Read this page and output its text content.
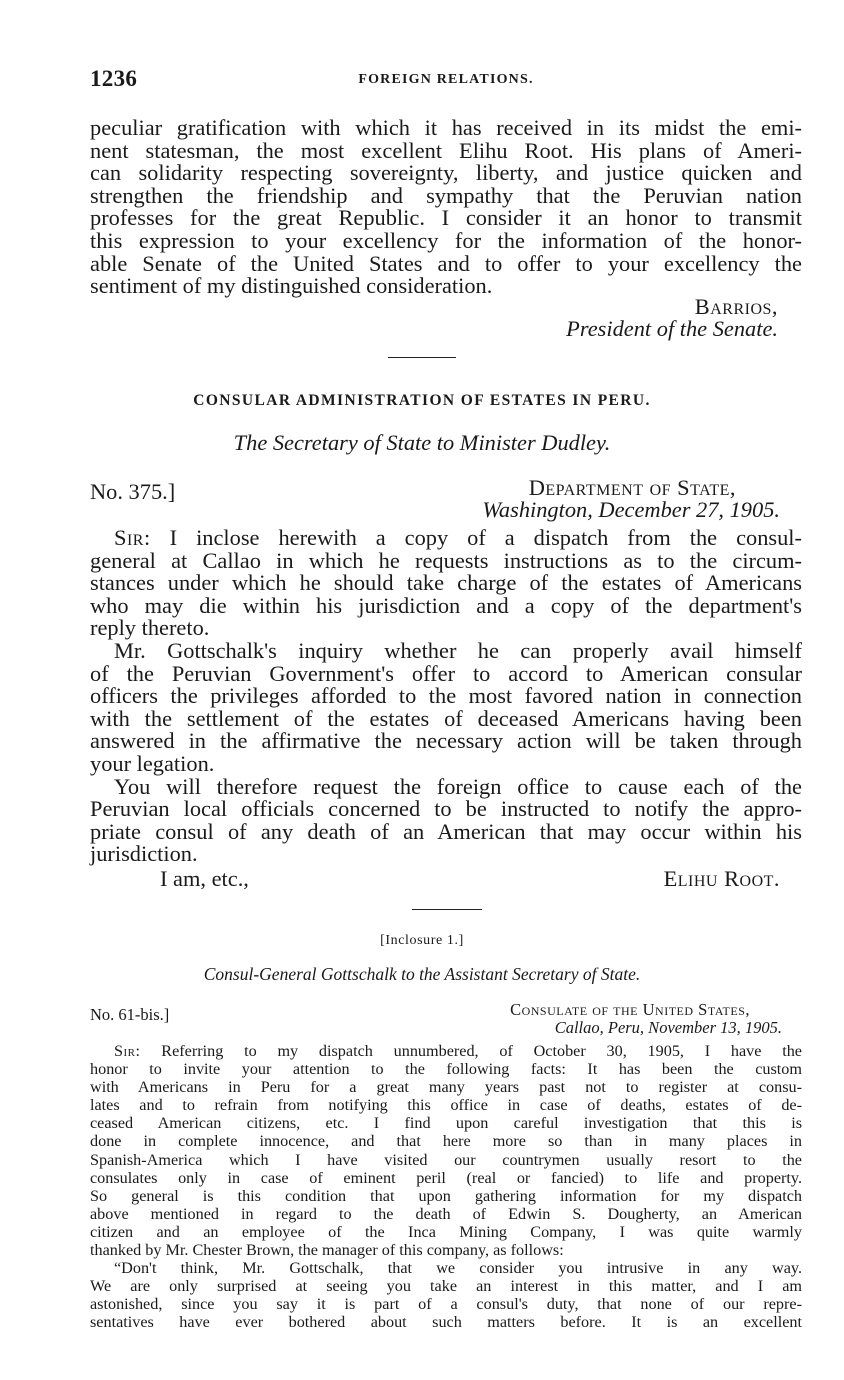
1236	FOREIGN RELATIONS.
peculiar gratification with which it has received in its midst the emi-
nent statesman, the most excellent Elihu Root. His plans of Ameri-
can solidarity respecting sovereignty, liberty, and justice quicken and
strengthen the friendship and sympathy that the Peruvian nation
professes for the great Republic. I consider it an honor to transmit
this expression to your excellency for the information of the honor-
able Senate of the United States and to offer to your excellency the
sentiment of my distinguished consideration.
Barrios,
President of the Senate.
CONSULAR ADMINISTRATION OF ESTATES IN PERU.
The Secretary of State to Minister Dudley.
No. 375.]	Department of State,
Washington, December 27, 1905.
Sir: I inclose herewith a copy of a dispatch from the consul-
general at Callao in which he requests instructions as to the circum-
stances under which he should take charge of the estates of Americans
who may die within his jurisdiction and a copy of the department's
reply thereto.
Mr. Gottschalk's inquiry whether he can properly avail himself
of the Peruvian Government's offer to accord to American consular
officers the privileges afforded to the most favored nation in connection
with the settlement of the estates of deceased Americans having been
answered in the affirmative the necessary action will be taken through
your legation.
You will therefore request the foreign office to cause each of the
Peruvian local officials concerned to be instructed to notify the appro-
priate consul of any death of an American that may occur within his
jurisdiction.
I am, etc.,	Elihu Root.
[Inclosure 1.]
Consul-General Gottschalk to the Assistant Secretary of State.
No. 61-bis.]	Consulate of the United States,
Callao, Peru, November 13, 1905.
Sir: Referring to my dispatch unnumbered, of October 30, 1905, I have the
honor to invite your attention to the following facts: It has been the custom
with Americans in Peru for a great many years past not to register at consu-
lates and to refrain from notifying this office in case of deaths, estates of de-
ceased American citizens, etc. I find upon careful investigation that this is
done in complete innocence, and that here more so than in many places in
Spanish-America which I have visited our countrymen usually resort to the
consulates only in case of eminent peril (real or fancied) to life and property.
So general is this condition that upon gathering information for my dispatch
above mentioned in regard to the death of Edwin S. Dougherty, an American
citizen and an employee of the Inca Mining Company, I was quite warmly
thanked by Mr. Chester Brown, the manager of this company, as follows:
“Don't think, Mr. Gottschalk, that we consider you intrusive in any way.
We are only surprised at seeing you take an interest in this matter, and I am
astonished, since you say it is part of a consul's duty, that none of our repre-
sentatives have ever bothered about such matters before. It is an excellent
